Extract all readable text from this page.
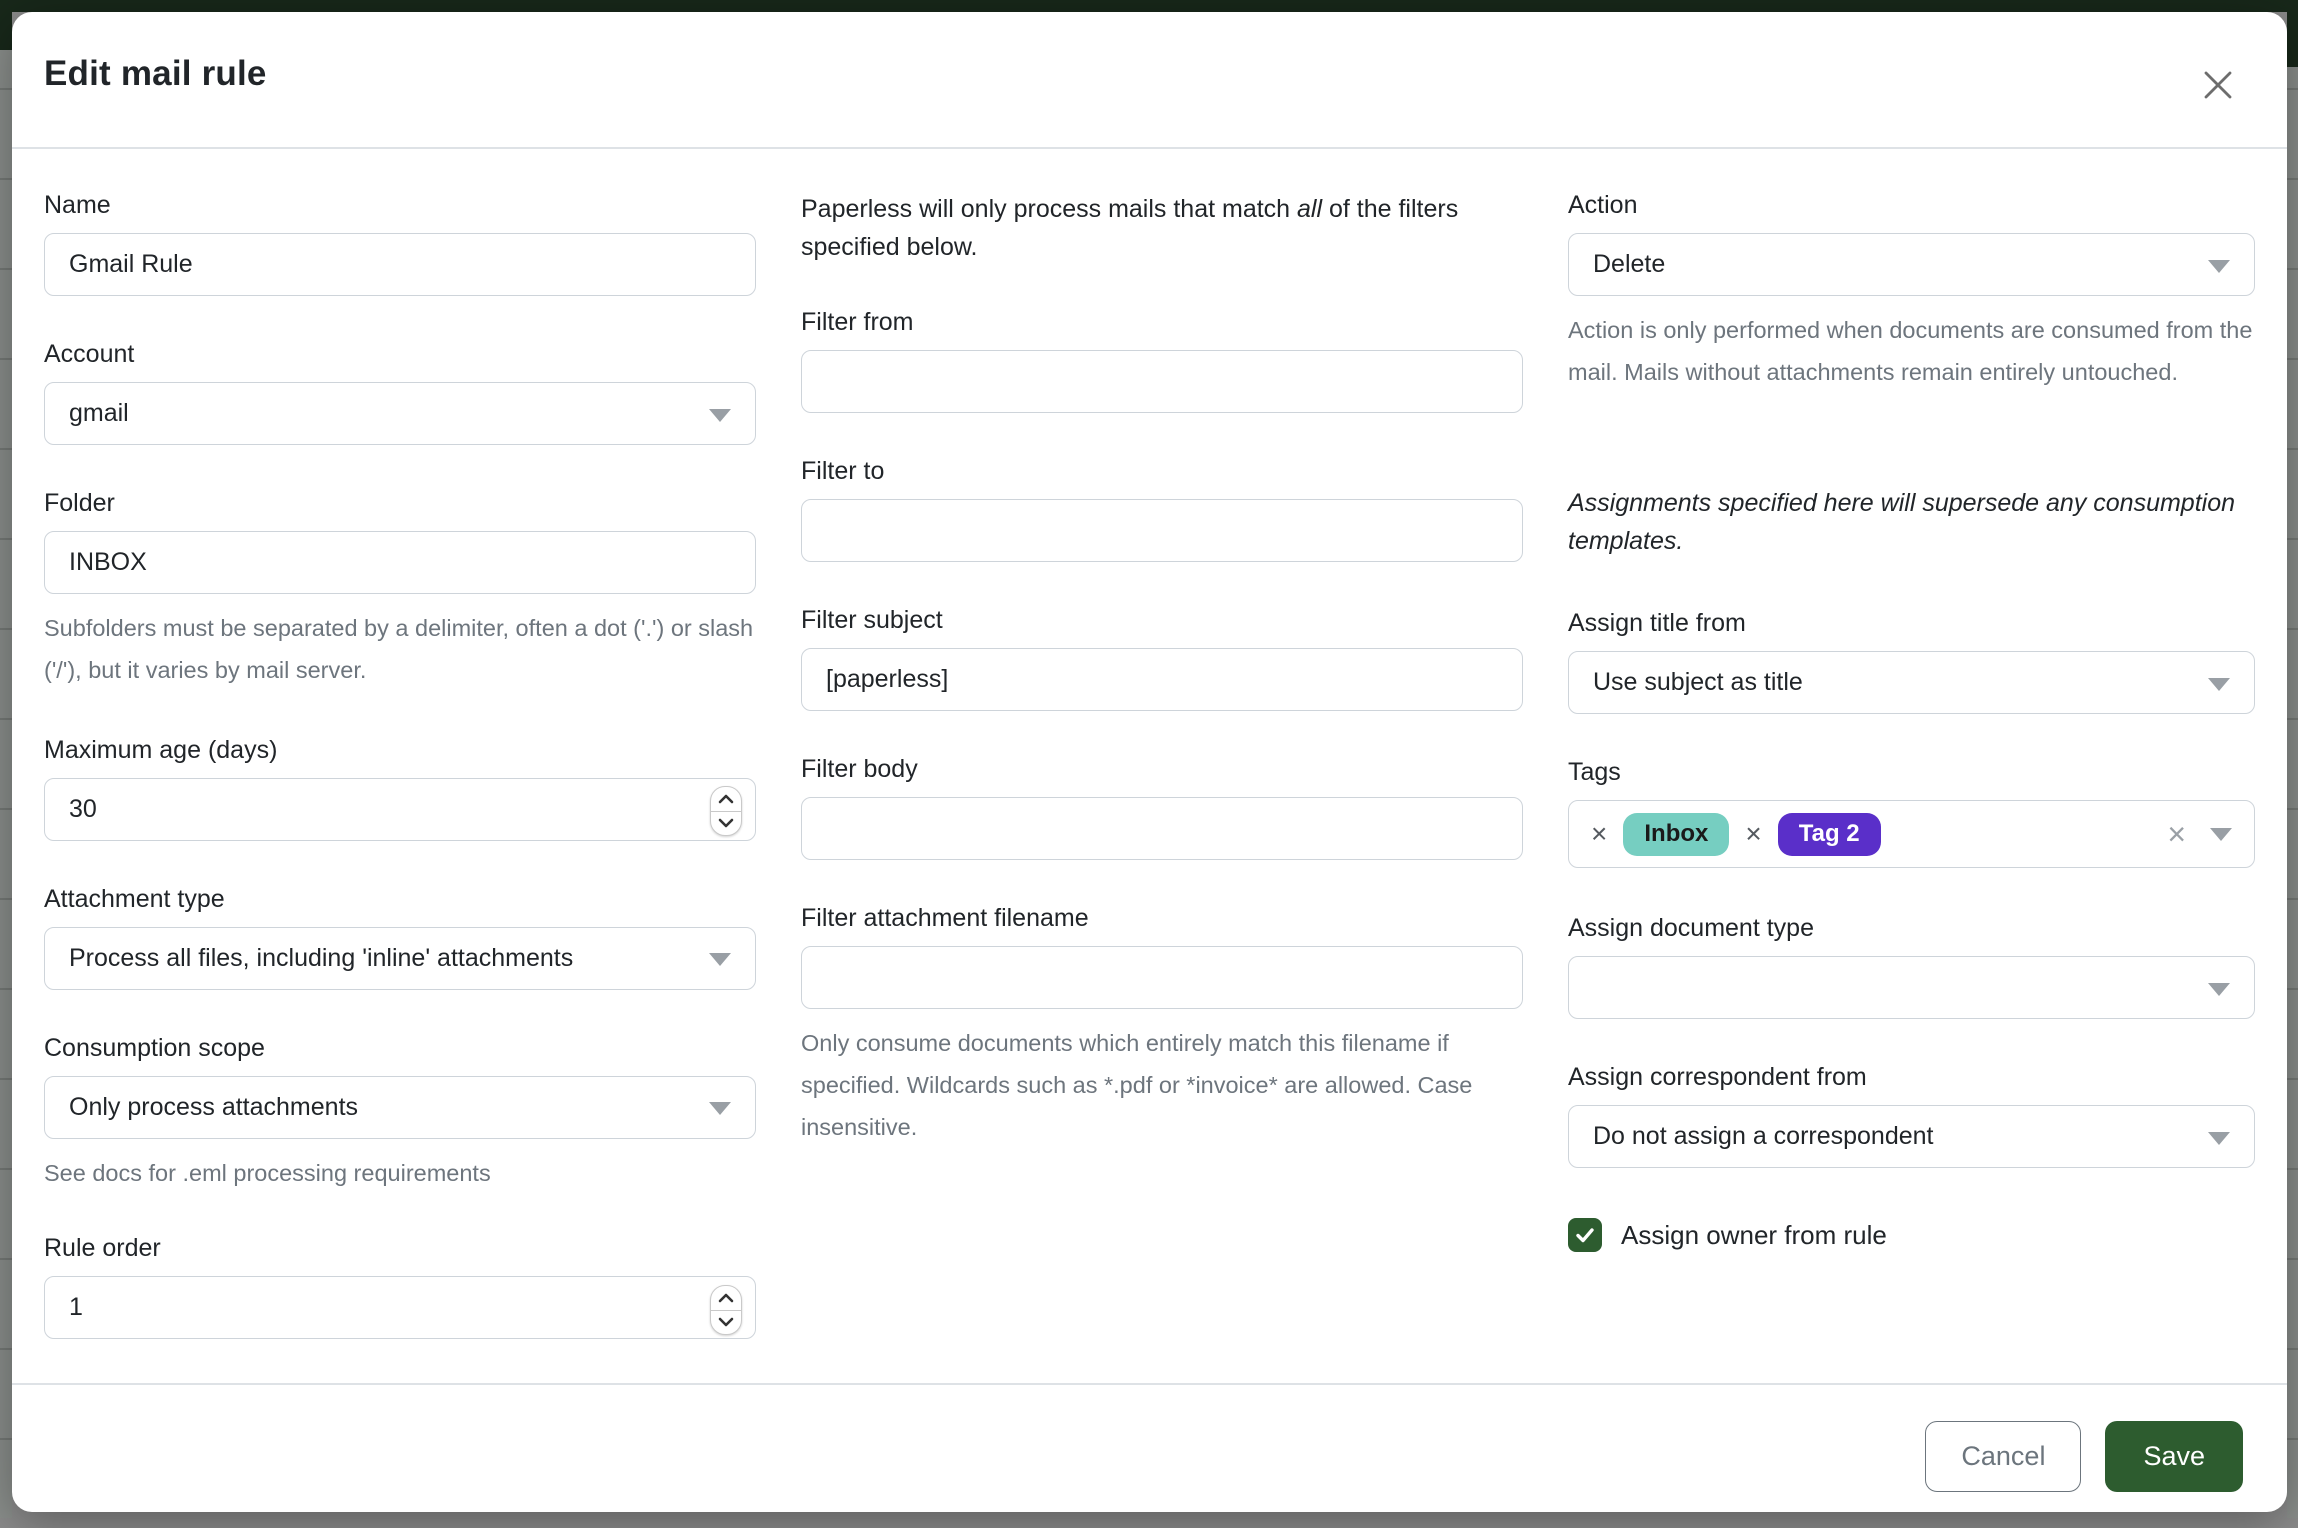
Edit mail rule
Name
Gmail Rule
Account
gmail
Folder
INBOX
Subfolders must be separated by a delimiter, often a dot ('.') or slash ('/'), but it varies by mail server.
Maximum age (days)
30
Attachment type
Process all files, including 'inline' attachments
Consumption scope
Only process attachments
See docs for .eml processing requirements
Rule order
1

Paperless will only process mails that match all of the filters specified below.

Filter from
Filter to
Filter subject
[paperless]
Filter body
Filter attachment filename
Only consume documents which entirely match this filename if specified. Wildcards such as *.pdf or *invoice* are allowed. Case insensitive.
Action
Delete
Action is only performed when documents are consumed from the mail. Mails without attachments remain entirely untouched.

Assignments specified here will supersede any consumption templates.

Assign title from
Use subject as title
Tags
×	Inbox	×	Tag 2	×
Assign document type
Assign correspondent from
Do not assign a correspondent
Assign owner from rule
Cancel	Save
